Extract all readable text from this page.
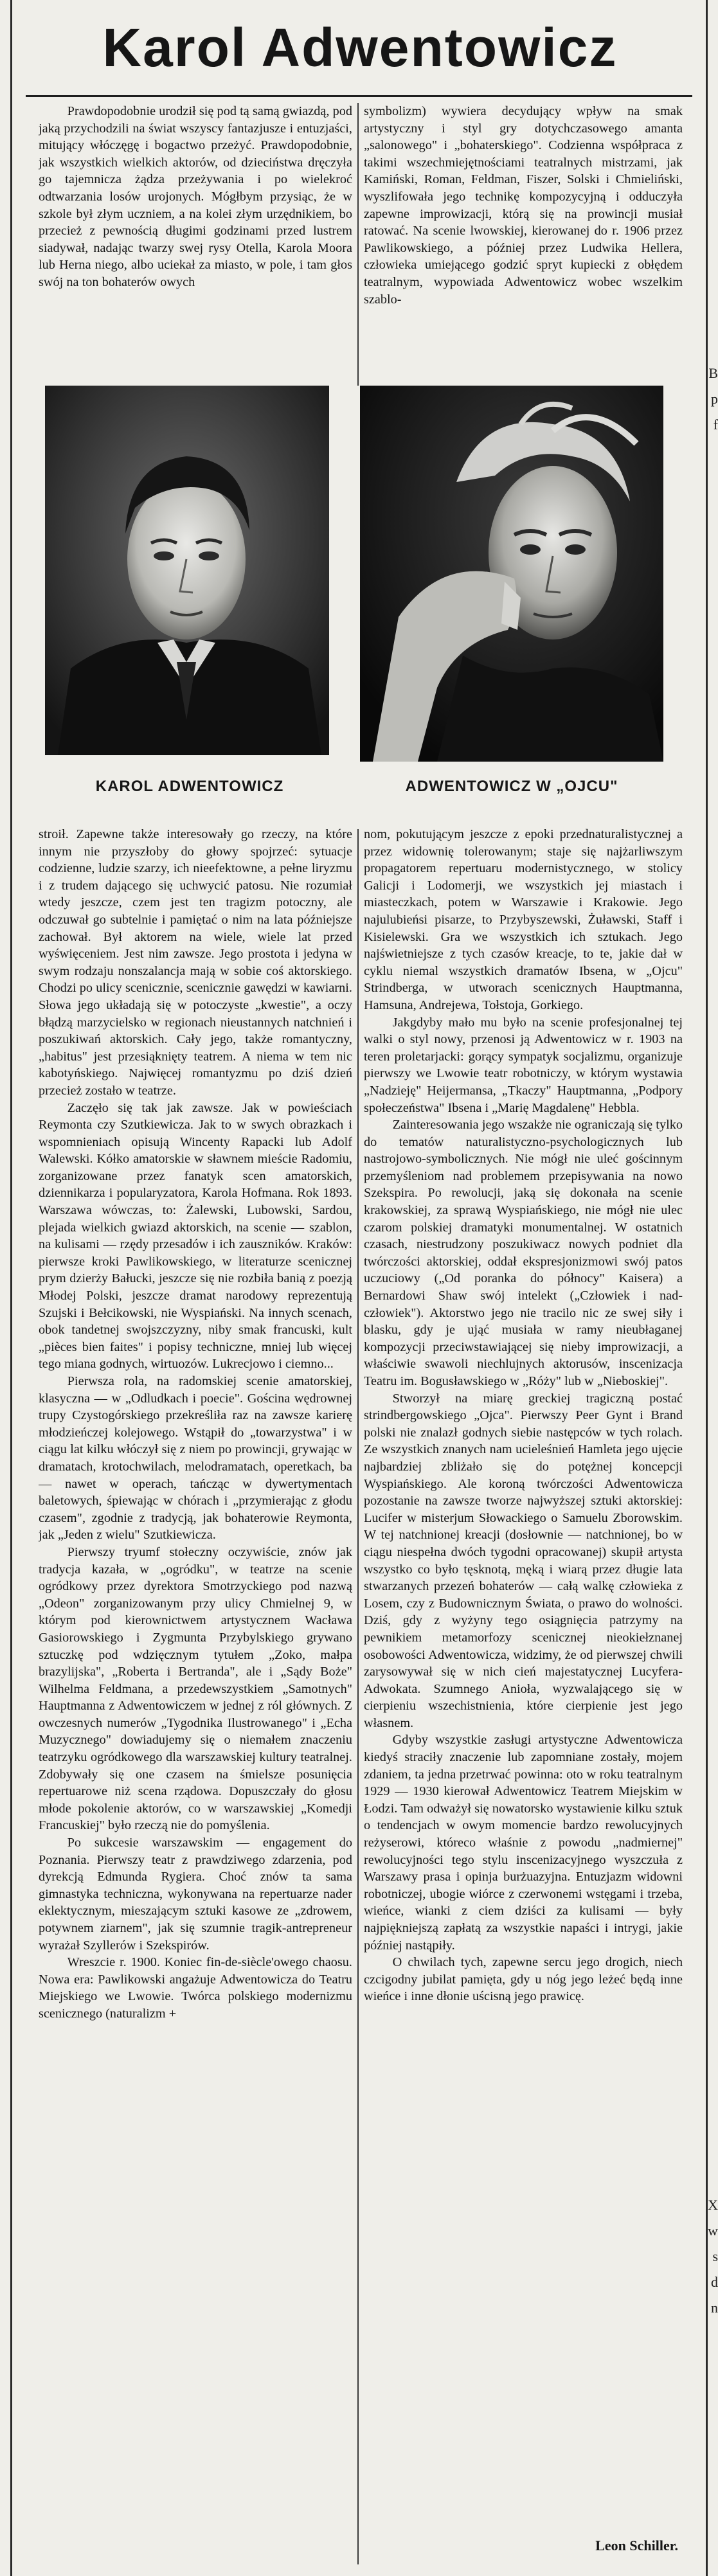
B
p
f
X
w
s
d
n
Karol Adwentowicz

Prawdopodobnie urodził się pod tą samą gwiazdą, pod jaką przychodzili na świat wszyscy fantazjusze i entuzjaści, mitujący włóczęgę i bogactwo przeżyć. Prawdopodobnie, jak wszystkich wielkich aktorów, od dzieciństwa dręczyła go tajemnicza żądza przeżywania i po wielekroć odtwarzania losów urojonych. Mógłbym przysiąc, że w szkole był złym uczniem, a na kolei złym urzędnikiem, bo przecież z pewnością długimi godzinami przed lustrem siadywał, nadając twarzy swej rysy Otella, Karola Moora lub Herna niego, albo uciekał za miasto, w pole, i tam głos swój na ton bohaterów owych

symbolizm) wywiera decydujący wpływ na smak artystyczny i styl gry dotychczasowego amanta „salonowego" i „bohaterskiego". Codzienna współpraca z takimi wszechmiejętnościami teatralnych mistrzami, jak Kamiński, Roman, Feldman, Fiszer, Solski i Chmieliński, wyszlifowała jego technikę kompozycyjną i odduczyła zapewne improwizacji, którą się na prowincji musiał ratować. Na scenie lwowskiej, kierowanej do r. 1906 przez Pawlikowskiego, a później przez Ludwika Hellera, człowieka umiejącego godzić spryt kupiecki z obłędem teatralnym, wypowiada Adwentowicz wobec wszelkim szablo-

KAROL ADWENTOWICZ	ADWENTOWICZ W „OJCU"

stroił. Zapewne także interesowały go rzeczy, na które innym nie przyszłoby do głowy spojrzeć: sytuacje codzienne, ludzie szarzy, ich nieefektowne, a pełne liryzmu i z trudem dającego się uchwycić patosu. Nie rozumiał wtedy jeszcze, czem jest ten tragizm potoczny, ale odczuwał go subtelnie i pamiętać o nim na lata późniejsze zachował. Był aktorem na wiele, wiele lat przed wyświęceniem. Jest nim zawsze. Jego prostota i jedyna w swym rodzaju nonszalancja mają w sobie coś aktorskiego. Chodzi po ulicy scenicznie, scenicznie gawędzi w kawiarni. Słowa jego układają się w potoczyste „kwestie", a oczy błądzą marzycielsko w regionach nieustannych natchnień i poszukiwań aktorskich. Cały jego, także romantyczny, „habitus" jest przesiąknięty teatrem. A niema w tem nic kabotyńskiego. Najwięcej romantyzmu po dziś dzień przecież zostało w teatrze.

Zaczęło się tak jak zawsze. Jak w powieściach Reymonta czy Szutkiewicza. Jak to w swych obrazkach i wspomnieniach opisują Wincenty Rapacki lub Adolf Walewski. Kółko amatorskie w sławnem mieście Radomiu, zorganizowane przez fanatyk scen amatorskich, dziennikarza i popularyzatora, Karola Hofmana. Rok 1893. Warszawa wówczas, to: Żalewski, Lubowski, Sardou, plejada wielkich gwiazd aktorskich, na scenie — szablon, na kulisami — rzędy przesadów i ich zauszników. Kraków: pierwsze kroki Pawlikowskiego, w literaturze scenicznej prym dzierży Bałucki, jeszcze się nie rozbiła banią z poezją Młodej Polski, jeszcze dramat narodowy reprezentują Szujski i Bełcikowski, nie Wyspiański. Na innych scenach, obok tandetnej swojszczyzny, niby smak francuski, kult „pièces bien faites" i popisy techniczne, mniej lub więcej tego miana godnych, wirtuozów. Lukrecjowo i ciemno...

Pierwsza rola, na radomskiej scenie amatorskiej, klasyczna — w „Odludkach i poecie". Gościna wędrownej trupy Czystogórskiego przekreśliła raz na zawsze karierę młodzieńczej kolejowego. Wstąpił do „towarzystwa" i w ciągu lat kilku włóczył się z niem po prowincji, grywając w dramatach, krotochwilach, melodramatach, operetkach, ba — nawet w operach, tańcząc w dywertymentach baletowych, śpiewając w chórach i „przymierając z głodu czasem", zgodnie z tradycją, jak bohaterowie Reymonta, jak „Jeden z wielu" Szutkiewicza.

Pierwszy tryumf stołeczny oczywiście, znów jak tradycja kazała, w „ogródku", w teatrze na scenie ogródkowy przez dyrektora Smotrzyckiego pod nazwą „Odeon" zorganizowanym przy ulicy Chmielnej 9, w którym pod kierownictwem artystycznem Wacława Gasiorowskiego i Zygmunta Przybylskiego grywano sztuczkę pod wdzięcznym tytułem „Zoko, małpa brazylijska", „Roberta i Bertranda", ale i „Sądy Boże" Wilhelma Feldmana, a przedewszystkiem „Samotnych" Hauptmanna z Adwentowiczem w jednej z ról głównych. Z owczesnych numerów „Tygodnika Ilustrowanego" i „Echa Muzycznego" dowiadujemy się o niemałem znaczeniu teatrzyku ogródkowego dla warszawskiej kultury teatralnej. Zdobywały się one czasem na śmielsze posunięcia repertuarowe niż scena rządowa. Dopuszczały do głosu młode pokolenie aktorów, co w warszawskiej „Komedji Francuskiej" było rzeczą nie do pomyślenia.

Po sukcesie warszawskim — engagement do Poznania. Pierwszy teatr z prawdziwego zdarzenia, pod dyrekcją Edmunda Rygiera. Choć znów ta sama gimnastyka techniczna, wykonywana na repertuarze nader eklektycznym, mieszającym sztuki kasowe ze „zdrowem, potywnem ziarnem", jak się szumnie tragik-antrepreneur wyrażał Szyllerów i Szekspirów.

Wreszcie r. 1900. Koniec fin-de-siècle'owego chaosu. Nowa era: Pawlikowski angażuje Adwentowicza do Teatru Miejskiego we Lwowie. Twórca polskiego modernizmu scenicznego (naturalizm +

nom, pokutującym jeszcze z epoki przednaturalistycznej a przez widownię tolerowanym; staje się najżarliwszym propagatorem repertuaru modernistycznego, w stolicy Galicji i Lodomerji, we wszystkich jej miastach i miasteczkach, potem w Warszawie i Krakowie. Jego najulubieńsi pisarze, to Przybyszewski, Żuławski, Staff i Kisielewski. Gra we wszystkich ich sztukach. Jego najświetniejsze z tych czasów kreacje, to te, jakie dał w cyklu niemal wszystkich dramatów Ibsena, w „Ojcu" Strindberga, w utworach scenicznych Hauptmanna, Hamsuna, Andrejewa, Tołstoja, Gorkiego.

Jakgdyby mało mu było na scenie profesjonalnej tej walki o styl nowy, przenosi ją Adwentowicz w r. 1903 na teren proletarjacki: gorący sympatyk socjalizmu, organizuje pierwszy we Lwowie teatr robotniczy, w którym wystawia „Nadzieję" Heijermansa, „Tkaczy" Hauptmanna, „Podpory społeczeństwa" Ibsena i „Marię Magdalenę" Hebbla.

Zainteresowania jego wszakże nie ograniczają się tylko do tematów naturalistyczno-psychologicznych lub nastrojowo-symbolicznych. Nie mógł nie uleć gościnnym przemyśleniom nad problemem przepisywania na nowo Szekspira. Po rewolucji, jaką się dokonała na scenie krakowskiej, za sprawą Wyspiańskiego, nie mógł nie ulec czarom polskiej dramatyki monumentalnej. W ostatnich czasach, niestrudzony poszukiwacz nowych podniet dla twórczości aktorskiej, oddał ekspresjonizmowi swój patos uczuciowy („Od poranka do północy" Kaisera) a Bernardowi Shaw swój intelekt („Człowiek i nad-człowiek"). Aktorstwo jego nie tracilo nic ze swej siły i blasku, gdy je ująć musiała w ramy nieubłaganej kompozycji przeciwstawiającej się nieby improwizacji, a właściwie swawoli niechlujnych aktorusów, inscenizacja Teatru im. Bogusławskiego w „Róży" lub w „Nieboskiej".

Stworzył na miarę greckiej tragiczną postać strindbergowskiego „Ojca". Pierwszy Peer Gynt i Brand polski nie znalazł godnych siebie następców w tych rolach. Ze wszystkich znanych nam ucieleśnień Hamleta jego ujęcie najbardziej zbliżało się do potężnej koncepcji Wyspiańskiego. Ale koroną twórczości Adwentowicza pozostanie na zawsze tworze najwyższej sztuki aktorskiej: Lucifer w misterjum Słowackiego o Samuelu Zborowskim. W tej natchnionej kreacji (dosłownie — natchnionej, bo w ciągu niespełna dwóch tygodni opracowanej) skupił artysta wszystko co było tęsknotą, męką i wiarą przez długie lata stwarzanych przezeń bohaterów — całą walkę człowieka z Losem, czy z Budownicznym Świata, o prawo do wolności. Dziś, gdy z wyżyny tego osiągnięcia patrzymy na pewnikiem metamorfozy scenicznej nieokiełznanej osobowości Adwentowicza, widzimy, że od pierwszej chwili zarysowywał się w nich cień majestatycznej Lucyfera-Adwokata. Szumnego Anioła, wyzwalającego się w cierpieniu wszechistnienia, które cierpienie jest jego własnem.

Gdyby wszystkie zasługi artystyczne Adwentowicza kiedyś straciły znaczenie lub zapomniane zostały, mojem zdaniem, ta jedna przetrwać powinna: oto w roku teatralnym 1929 — 1930 kierował Adwentowicz Teatrem Miejskim w Łodzi. Tam odważył się nowatorsko wystawienie kilku sztuk o tendencjach w owym momencie bardzo rewolucyjnych reżyserowi, któreco właśnie z powodu „nadmiernej" rewolucyjności tego stylu inscenizacyjnego wyszczuła z Warszawy prasa i opinja burżuazyjna. Entuzjazm widowni robotniczej, ubogie wiórce z czerwonemi wstęgami i trzeba, wieńce, wianki z ciem dziści za kulisami — były najpiękniejszą zapłatą za wszystkie napaści i intrygi, jakie później nastąpiły.

O chwilach tych, zapewne sercu jego drogich, niech czcigodny jubilat pamięta, gdy u nóg jego leżeć będą inne wieńce i inne dłonie uścisną jego prawicę.

Leon Schiller.
